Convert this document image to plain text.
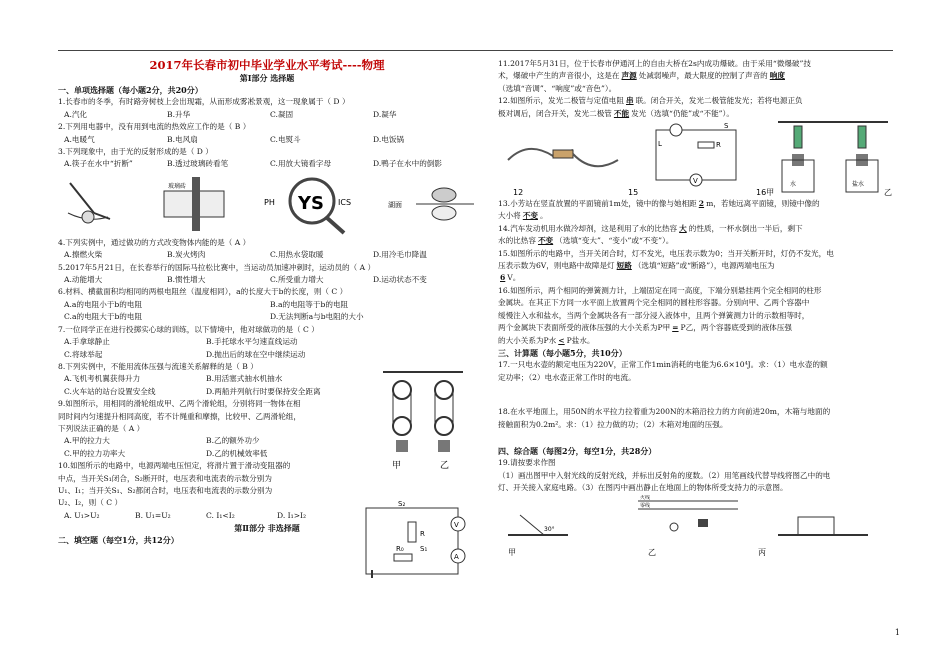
2017年长春市初中毕业学业水平考试----物理
第Ⅰ部分 选择题
一、单项选择题（每小题2分，共20分）
1.长春市的冬季，有时路旁树枝上会出现霜，从而形成雾凇景观，这一现象属于（ D ）
A.汽化	B.升华	C.凝固	D.凝华
2.下列用电器中，没有用到电流的热效应工作的是（ B ）
A.电暖气	B.电风扇	C.电熨斗	D.电饭锅
3.下列现象中，由于光的反射形成的是（ D ）
A.筷子在水中“折断”	B.透过玻璃砖看笔	C.用放大镜看字母	D.鸭子在水中的倒影
玻璃砖
PH YS ICS	湖面
4.下列实例中，通过做功的方式改变物体内能的是（ A ）
A.擦燃火柴	B.炭火烤肉	C.用热水袋取暖	D.用冷毛巾降温
5.2017年5月21日，在长春举行的国际马拉松比赛中，当运动员加速冲刺时，运动员的（ A ）
A.动能增大	B.惯性增大	C.所受重力增大	D.运动状态不变
6.材料、横截面积均相同的两根电阻丝（温度相同），a的长度大于b的长度，则（ C ）
A.a的电阻小于b的电阻	B.a的电阻等于b的电阻
C.a的电阻大于b的电阻	D.无法判断a与b电阻的大小
7.一位同学正在进行投掷实心球的训练，以下情境中，他对球做功的是（ C ）
A.手拿球静止	B.手托球水平匀速直线运动
C.将球举起	D.抛出后的球在空中继续运动
8.下列实例中，不能用流体压强与流速关系解释的是（ B ）
A.飞机考机翼获得升力	B.用活塞式抽水机抽水
C.火车站的站台设置安全线	D.两船并列航行时要保持安全距离
9.如图所示，用相同的滑轮组成甲、乙两个滑轮组，分别将同一物体在相
同时间内匀速提升相同高度，若不计绳重和摩擦，比较甲、乙两滑轮组，
下列说法正确的是（ A ）
A.甲的拉力大	B.乙的额外功少
C.甲的拉力功率大	D.乙的机械效率低
10.如图所示的电路中，电源两端电压恒定，将滑片置于滑动变阻器的
中点，当开关S₁闭合，S₂断开时，电压表和电流表的示数分别为
U₁、I₁；当开关S₁、S₂都闭合时，电压表和电流表的示数分别为
U₂、I₂，则（ C ）
A. U₁>U₂	B. U₁=U₂	C. I₁<I₂	D. I₁>I₂
第Ⅱ部分 非选择题
二、填空题（每空1分，共12分）
甲	乙
V
A
R
R₀ S₁
S₂
11.2017年5月31日，位于长春市伊通河上的自由大桥在2s内成功爆破。由于采用“微爆破”技
术，爆破中产生的声音很小，这是在 声源 处减弱噪声，最大限度的控制了声音的 响度
（选填“音调”、“响度”或“音色”）。
12.如图所示，发光二极管与定值电阻 串 联。闭合开关，发光二极管能发光；若将电源正负
极对调后，闭合开关，发光二极管 不能 发光（选填“仍能”或“不能”）。
12
L	R
S
V
15
水	盐水
16甲	乙
13.小芳站在竖直放置的平面镜前1m处，镜中的像与她相距 2 m，若她远离平面镜，则镜中像的
大小将 不变 。
14.汽车发动机用水做冷却剂，这是利用了水的比热容 大 的性质，一杯水倒出一半后，剩下
水的比热容 不变 （选填“变大”、“变小”或“不变”）。
15.如图所示的电路中，当开关闭合时，灯不发光，电压表示数为0；当开关断开时，灯仍不发光，电
压表示数为6V，则电路中故障是灯 短路 （选填“短路”或“断路”），电源两端电压为
6 V。
16.如图所示，两个相同的弹簧测力计，上端固定在同一高度，下端分别悬挂两个完全相同的柱形
金属块。在其正下方同一水平面上放置两个完全相同的圆柱形容器。分别向甲、乙两个容器中
缓慢注入水和盐水，当两个金属块各有一部分浸入液体中，且两个弹簧测力计的示数相等时，
两个金属块下表面所受的液体压强的大小关系为P甲 = P乙，两个容器底受到的液体压强
的大小关系为P水 < P盐水。
三、计算题（每小题5分，共10分）
17.一只电水壶的额定电压为220V，正常工作1min消耗的电能为6.6×10⁴J。求：（1）电水壶的额
定功率；（2）电水壶正常工作时的电流。
18.在水平地面上，用50N的水平拉力拉着重为200N的木箱沿拉力的方向前进20m，木箱与地面的
接触面积为0.2m²。求：（1）拉力做的功；（2）木箱对地面的压强。
四、综合题（每图2分，每空1分，共28分）
19.请按要求作图
（1）画出图甲中入射光线的反射光线，并标出反射角的度数。（2）用笔画线代替导线将图乙中的电
灯、开关接入家庭电路。（3）在图丙中画出静止在地面上的物体所受支持力的示意图。
30°
甲
火线
零线
乙	丙
1
